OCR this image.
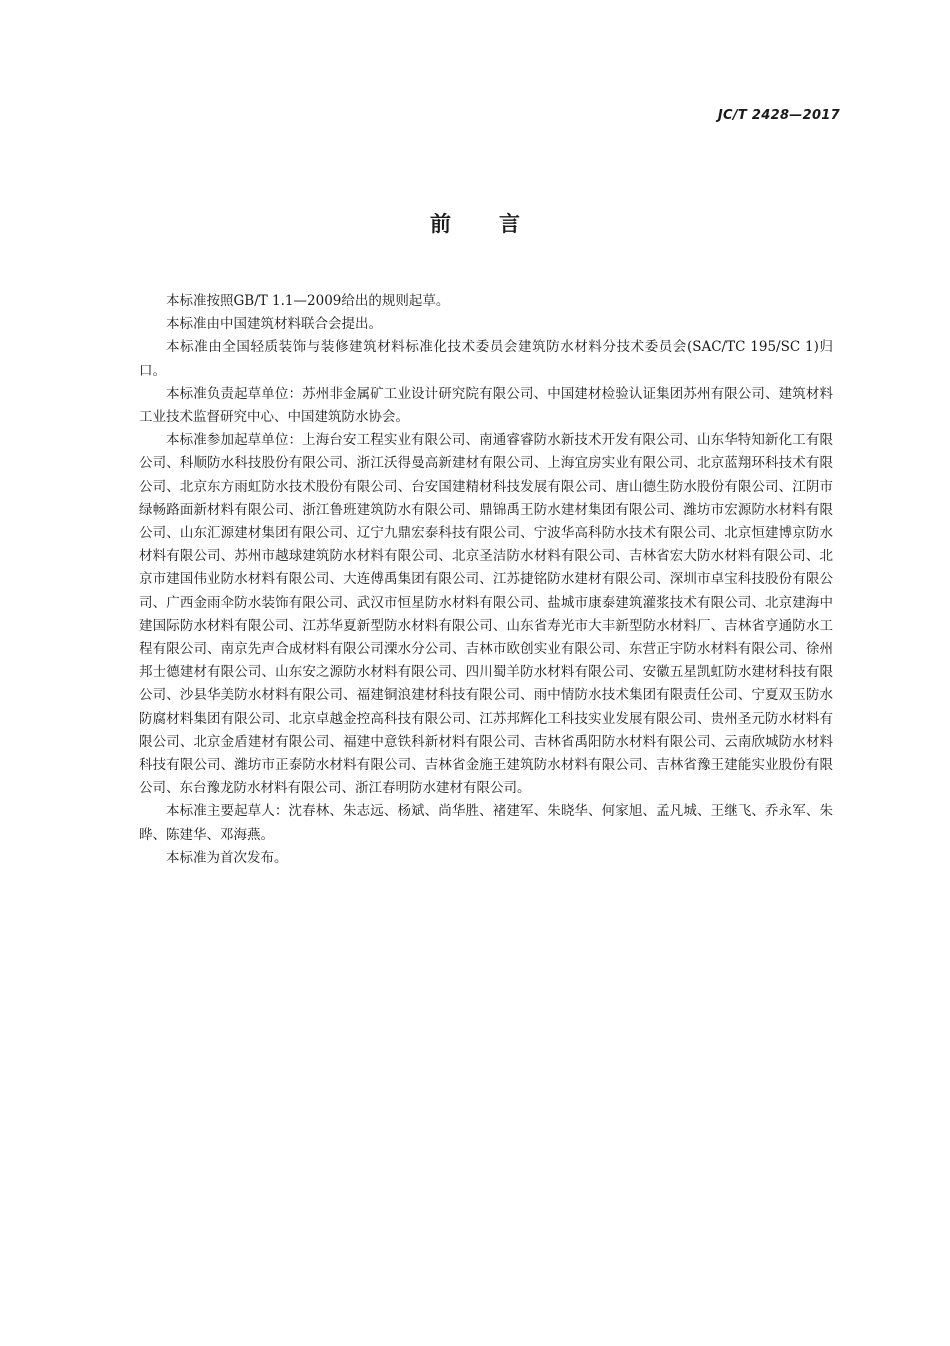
JC/T 2428—2017
前言

本标准按照GB/T 1.1—2009给出的规则起草。

本标准由中国建筑材料联合会提出。

本标准由全国轻质装饰与装修建筑材料标准化技术委员会建筑防水材料分技术委员会(SAC/TC 195/SC 1)归口。

本标准负责起草单位：苏州非金属矿工业设计研究院有限公司、中国建材检验认证集团苏州有限公司、建筑材料工业技术监督研究中心、中国建筑防水协会。

本标准参加起草单位：上海台安工程实业有限公司、南通睿睿防水新技术开发有限公司、山东华特知新化工有限公司、科顺防水科技股份有限公司、浙江沃得曼高新建材有限公司、上海宜房实业有限公司、北京蓝翔环科技术有限公司、北京东方雨虹防水技术股份有限公司、台安国建精材科技发展有限公司、唐山德生防水股份有限公司、江阴市绿畅路面新材料有限公司、浙江鲁班建筑防水有限公司、鼎锦禹王防水建材集团有限公司、潍坊市宏源防水材料有限公司、山东汇源建材集团有限公司、辽宁九鼎宏泰科技有限公司、宁波华高科防水技术有限公司、北京恒建博京防水材料有限公司、苏州市越球建筑防水材料有限公司、北京圣洁防水材料有限公司、吉林省宏大防水材料有限公司、北京市建国伟业防水材料有限公司、大连傅禹集团有限公司、江苏捷铭防水建材有限公司、深圳市卓宝科技股份有限公司、广西金雨伞防水装饰有限公司、武汉市恒星防水材料有限公司、盐城市康泰建筑灌浆技术有限公司、北京建海中建国际防水材料有限公司、江苏华夏新型防水材料有限公司、山东省寿光市大丰新型防水材料厂、吉林省亨通防水工程有限公司、南京先声合成材料有限公司溧水分公司、吉林市欧创实业有限公司、东营正宇防水材料有限公司、徐州邦士德建材有限公司、山东安之源防水材料有限公司、四川蜀羊防水材料有限公司、安徽五星凯虹防水建材科技有限公司、沙县华美防水材料有限公司、福建铜浪建材科技有限公司、雨中情防水技术集团有限责任公司、宁夏双玉防水防腐材料集团有限公司、北京卓越金控高科技有限公司、江苏邦辉化工科技实业发展有限公司、贵州圣元防水材料有限公司、北京金盾建材有限公司、福建中意铁科新材料有限公司、吉林省禹阳防水材料有限公司、云南欣城防水材料科技有限公司、潍坊市正泰防水材料有限公司、吉林省金施王建筑防水材料有限公司、吉林省豫王建能实业股份有限公司、东台豫龙防水材料有限公司、浙江春明防水建材有限公司。

本标准主要起草人：沈春林、朱志远、杨斌、尚华胜、褚建军、朱晓华、何家旭、孟凡城、王继飞、乔永军、朱晔、陈建华、邓海燕。

本标准为首次发布。
